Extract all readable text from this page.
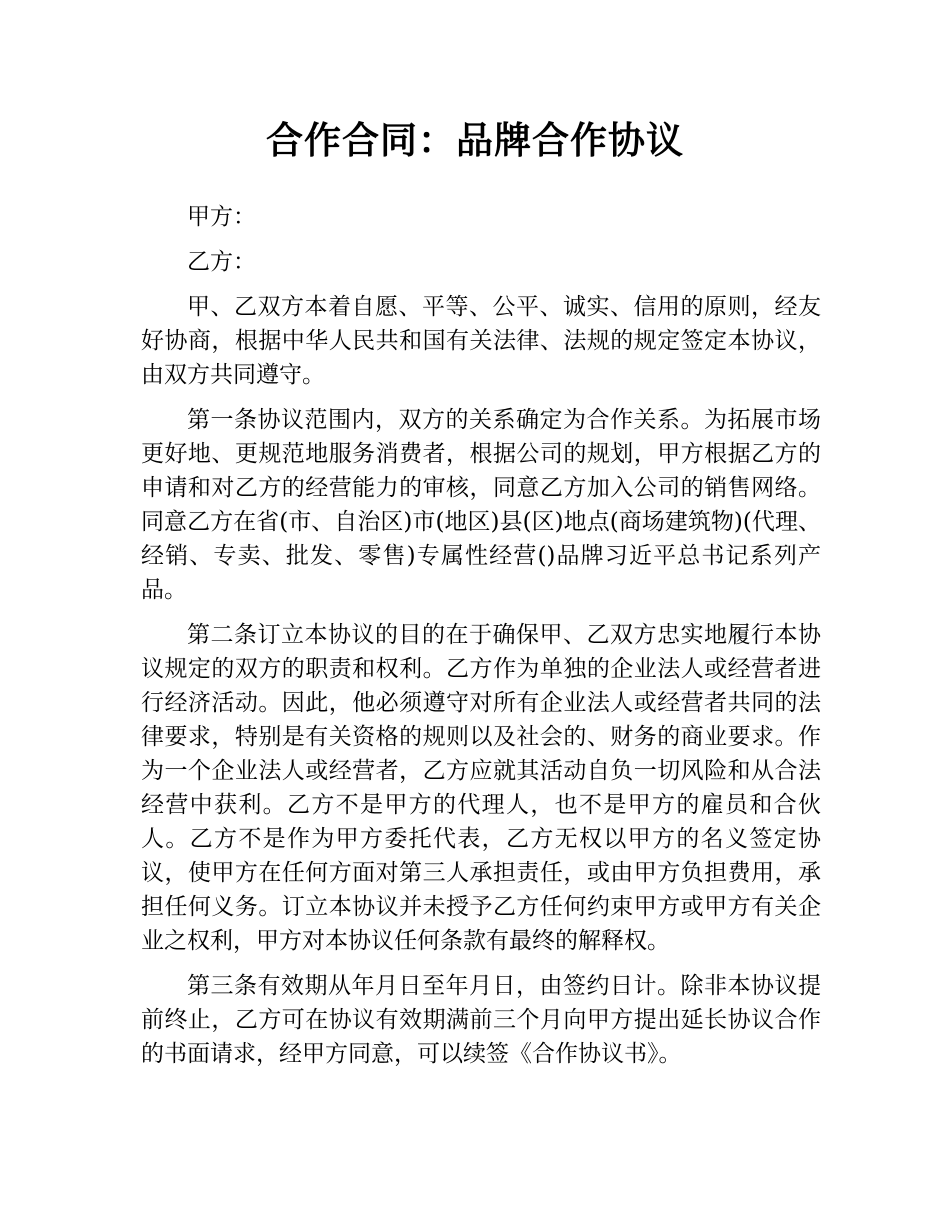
合作合同：品牌合作协议

甲方：

乙方：

甲、乙双方本着自愿、平等、公平、诚实、信用的原则，经友好协商，根据中华人民共和国有关法律、法规的规定签定本协议，由双方共同遵守。

第一条协议范围内，双方的关系确定为合作关系。为拓展市场更好地、更规范地服务消费者，根据公司的规划，甲方根据乙方的申请和对乙方的经营能力的审核，同意乙方加入公司的销售网络。同意乙方在省(市、自治区)市(地区)县(区)地点(商场建筑物)(代理、经销、专卖、批发、零售)专属性经营()品牌习近平总书记系列产品。

第二条订立本协议的目的在于确保甲、乙双方忠实地履行本协议规定的双方的职责和权利。乙方作为单独的企业法人或经营者进行经济活动。因此，他必须遵守对所有企业法人或经营者共同的法律要求，特别是有关资格的规则以及社会的、财务的商业要求。作为一个企业法人或经营者，乙方应就其活动自负一切风险和从合法经营中获利。乙方不是甲方的代理人，也不是甲方的雇员和合伙人。乙方不是作为甲方委托代表，乙方无权以甲方的名义签定协议，使甲方在任何方面对第三人承担责任，或由甲方负担费用，承担任何义务。订立本协议并未授予乙方任何约束甲方或甲方有关企业之权利，甲方对本协议任何条款有最终的解释权。

第三条有效期从年月日至年月日，由签约日计。除非本协议提前终止，乙方可在协议有效期满前三个月向甲方提出延长协议合作的书面请求，经甲方同意，可以续签《合作协议书》。
